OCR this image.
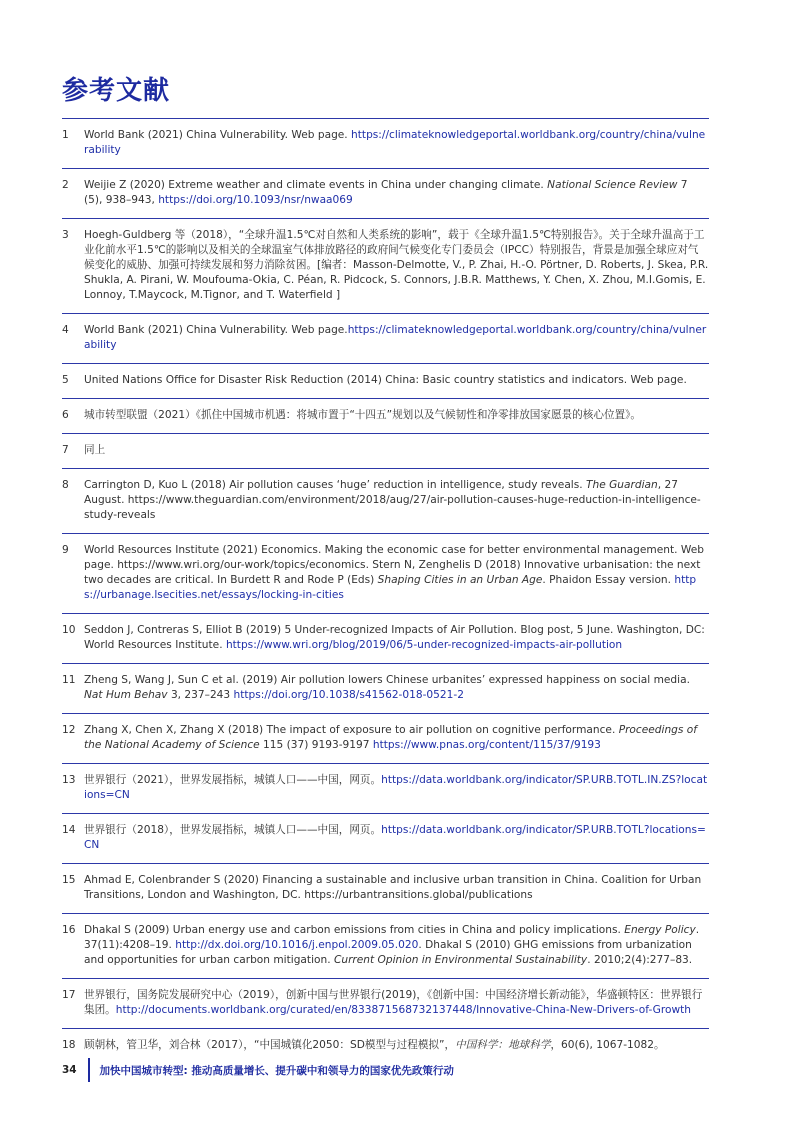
参考文献
1	World Bank (2021) China Vulnerability. Web page. https://climateknowledgeportal.worldbank.org/country/china/vulnerability
2	Weijie Z (2020) Extreme weather and climate events in China under changing climate. National Science Review 7 (5), 938–943, https://doi.org/10.1093/nsr/nwaa069
3	Hoegh-Guldberg 等（2018），“全球升温1.5℃对自然和人类系统的影响”，载于《全球升温1.5℃特别报告》。关于全球升温高于工业化前水平1.5℃的影响以及相关的全球温室气体排放路径的政府间气候变化专门委员会（IPCC）特别报告，背景是加强全球应对气候变化的威胁、加强可持续发展和努力消除贫困。[编者：Masson-Delmotte, V., P. Zhai, H.-O. Pörtner, D. Roberts, J. Skea, P.R. Shukla, A. Pirani, W. Moufouma-Okia, C. Péan, R. Pidcock, S. Connors, J.B.R. Matthews, Y. Chen, X. Zhou, M.I.Gomis, E. Lonnoy, T.Maycock, M.Tignor, and T. Waterfield ]
4	World Bank (2021) China Vulnerability. Web page.https://climateknowledgeportal.worldbank.org/country/china/vulnerability
5	United Nations Office for Disaster Risk Reduction (2014) China: Basic country statistics and indicators. Web page.
6	城市转型联盟（2021）《抓住中国城市机遇：将城市置于“十四五”规划以及气候韧性和净零排放国家愿景的核心位置》。
7	同上
8	Carrington D, Kuo L (2018) Air pollution causes ‘huge’ reduction in intelligence, study reveals. The Guardian, 27 August. https://www.theguardian.com/environment/2018/aug/27/air-pollution-causes-huge-reduction-in-intelligence-study-reveals
9	World Resources Institute (2021) Economics. Making the economic case for better environmental management. Web page. https://www.wri.org/our-work/topics/economics. Stern N, Zenghelis D (2018) Innovative urbanisation: the next two decades are critical. In Burdett R and Rode P (Eds) Shaping Cities in an Urban Age. Phaidon Essay version. https://urbanage.lsecities.net/essays/locking-in-cities
10 Seddon J, Contreras S, Elliot B (2019) 5 Under-recognized Impacts of Air Pollution. Blog post, 5 June. Washington, DC: World Resources Institute. https://www.wri.org/blog/2019/06/5-under-recognized-impacts-air-pollution
11 Zheng S, Wang J, Sun C et al. (2019) Air pollution lowers Chinese urbanites’ expressed happiness on social media. Nat Hum Behav 3, 237–243 https://doi.org/10.1038/s41562-018-0521-2
12 Zhang X, Chen X, Zhang X (2018) The impact of exposure to air pollution on cognitive performance. Proceedings of the National Academy of Science 115 (37) 9193-9197 https://www.pnas.org/content/115/37/9193
13 世界银行（2021），世界发展指标，城镇人口——中国，网页。https://data.worldbank.org/indicator/SP.URB.TOTL.IN.ZS?locations=CN
14 世界银行（2018），世界发展指标，城镇人口——中国，网页。https://data.worldbank.org/indicator/SP.URB.TOTL?locations=CN
15 Ahmad E, Colenbrander S (2020) Financing a sustainable and inclusive urban transition in China. Coalition for Urban Transitions, London and Washington, DC. https://urbantransitions.global/publications
16 Dhakal S (2009) Urban energy use and carbon emissions from cities in China and policy implications. Energy Policy. 37(11):4208–19. http://dx.doi.org/10.1016/j.enpol.2009.05.020. Dhakal S (2010) GHG emissions from urbanization and opportunities for urban carbon mitigation. Current Opinion in Environmental Sustainability. 2010;2(4):277–83.
17 世界银行，国务院发展研究中心（2019），创新中国与世界银行(2019)，《创新中国：中国经济增长新动能》，华盛顿特区：世界银行集团。http://documents.worldbank.org/curated/en/833871568732137448/Innovative-China-New-Drivers-of-Growth
18 顾朝林，管卫华，刘合林（2017），“中国城镇化2050：SD模型与过程模拟”，中国科学：地球科学，60(6), 1067-1082。
34	加快中国城市转型: 推动高质量增长、提升碳中和领导力的国家优先政策行动
